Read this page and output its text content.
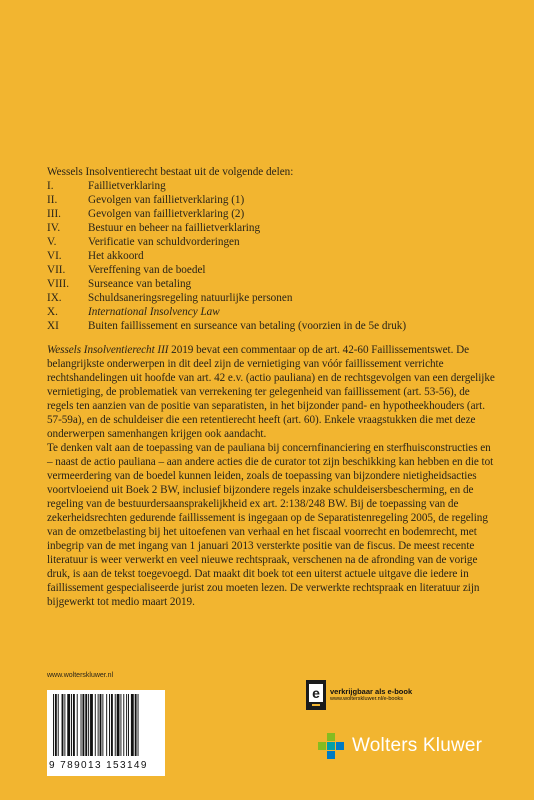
Wessels Insolventierecht bestaat uit de volgende delen:
I.	Faillietverklaring
II.	Gevolgen van faillietverklaring (1)
III.	Gevolgen van faillietverklaring (2)
IV.	Bestuur en beheer na faillietverklaring
V.	Verificatie van schuldvorderingen
VI.	Het akkoord
VII.	Vereffening van de boedel
VIII.	Surseance van betaling
IX.	Schuldsaneringsregeling natuurlijke personen
X.	International Insolvency Law
XI	Buiten faillissement en surseance van betaling (voorzien in de 5e druk)

Wessels Insolventierecht III 2019 bevat een commentaar op de art. 42-60 Faillissementswet. De belangrijkste onderwerpen in dit deel zijn de vernietiging van vóór faillissement verrichte rechtshandelingen uit hoofde van art. 42 e.v. (actio pauliana) en de rechtsgevolgen van een dergelijke vernietiging, de problematiek van verrekening ter gelegenheid van faillissement (art. 53-56), de regels ten aanzien van de positie van separatisten, in het bijzonder pand- en hypotheekhouders (art. 57-59a), en de schuldeiser die een retentierecht heeft (art. 60). Enkele vraagstukken die met deze onderwerpen samenhangen krijgen ook aandacht.
Te denken valt aan de toepassing van de pauliana bij concernfinanciering en sterfhuisconstructies en – naast de actio pauliana – aan andere acties die de curator tot zijn beschikking kan hebben en die tot vermeerdering van de boedel kunnen leiden, zoals de toepassing van bijzondere nietigheidsacties voortvloeiend uit Boek 2 BW, inclusief bijzondere regels inzake schuldeisersbescherming, en de regeling van de bestuurdersaansprakelijkheid ex art. 2:138/248 BW. Bij de toepassing van de zekerheidsrechten gedurende faillissement is ingegaan op de Separatistenregeling 2005, de regeling van de omzetbelasting bij het uitoefenen van verhaal en het fiscaal voorrecht en bodemrecht, met inbegrip van de met ingang van 1 januari 2013 versterkte positie van de fiscus. De meest recente literatuur is weer verwerkt en veel nieuwe rechtspraak, verschenen na de afronding van de vorige druk, is aan de tekst toegevoegd. Dat maakt dit boek tot een uiterst actuele uitgave die iedere in faillissement gespecialiseerde jurist zou moeten lezen. De verwerkte rechtspraak en literatuur zijn bijgewerkt tot medio maart 2019.

www.wolterskluwer.nl
e verkrijgbaar als e-book
www.wolterskluwer.nl/e-books
9 789013 153149
Wolters Kluwer
